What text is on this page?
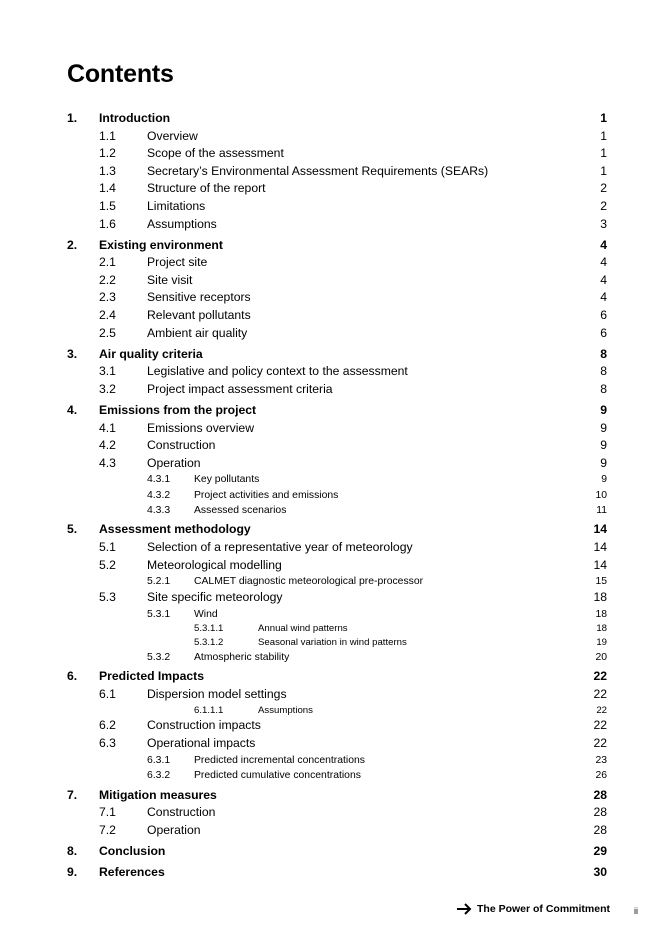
Contents
1. Introduction	1
1.1	Overview	1
1.2	Scope of the assessment	1
1.3	Secretary’s Environmental Assessment Requirements (SEARs)	1
1.4	Structure of the report	2
1.5	Limitations	2
1.6	Assumptions	3
2. Existing environment	4
2.1	Project site	4
2.2	Site visit	4
2.3	Sensitive receptors	4
2.4	Relevant pollutants	6
2.5	Ambient air quality	6
3. Air quality criteria	8
3.1	Legislative and policy context to the assessment	8
3.2	Project impact assessment criteria	8
4. Emissions from the project	9
4.1	Emissions overview	9
4.2	Construction	9
4.3	Operation	9
4.3.1 Key pollutants	9
4.3.2 Project activities and emissions	10
4.3.3 Assessed scenarios	11
5. Assessment methodology	14
5.1	Selection of a representative year of meteorology	14
5.2	Meteorological modelling	14
5.2.1 CALMET diagnostic meteorological pre-processor	15
5.3	Site specific meteorology	18
5.3.1 Wind	18
5.3.1.1	Annual wind patterns	18
5.3.1.2	Seasonal variation in wind patterns	19
5.3.2 Atmospheric stability	20
6. Predicted Impacts	22
6.1	Dispersion model settings	22
6.1.1.1	Assumptions	22
6.2	Construction impacts	22
6.3	Operational impacts	22
6.3.1 Predicted incremental concentrations	23
6.3.2 Predicted cumulative concentrations	26
7. Mitigation measures	28
7.1	Construction	28
7.2	Operation	28
8. Conclusion	29
9. References	30
The Power of Commitment	ii
